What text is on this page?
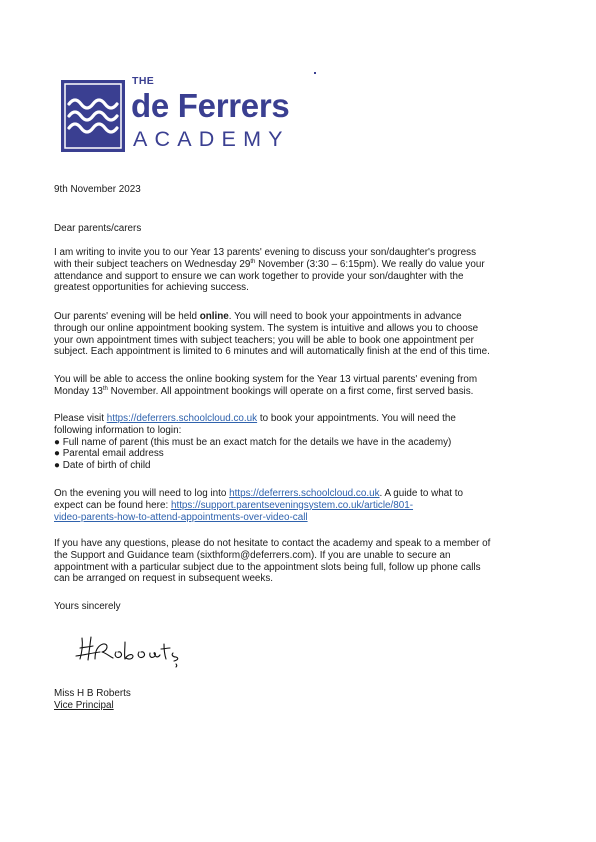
THE
de Ferrers
ACADEMY
9th November 2023
Dear parents/carers
I am writing to invite you to our Year 13 parents' evening to discuss your son/daughter's progress
with their subject teachers on Wednesday 29th November (3:30 – 6:15pm). We really do value your
attendance and support to ensure we can work together to provide your son/daughter with the
greatest opportunities for achieving success.
Our parents' evening will be held online. You will need to book your appointments in advance
through our online appointment booking system. The system is intuitive and allows you to choose
your own appointment times with subject teachers; you will be able to book one appointment per
subject. Each appointment is limited to 6 minutes and will automatically finish at the end of this time.
You will be able to access the online booking system for the Year 13 virtual parents' evening from
Monday 13th November. All appointment bookings will operate on a first come, first served basis.
Please visit https://deferrers.schoolcloud.co.uk to book your appointments. You will need the
following information to login:
● Full name of parent (this must be an exact match for the details we have in the academy)
● Parental email address
● Date of birth of child
On the evening you will need to log into https://deferrers.schoolcloud.co.uk. A guide to what to
expect can be found here: https://support.parentseveningsystem.co.uk/article/801-
video-parents-how-to-attend-appointments-over-video-call
If you have any questions, please do not hesitate to contact the academy and speak to a member of
the Support and Guidance team (sixthform@deferrers.com). If you are unable to secure an
appointment with a particular subject due to the appointment slots being full, follow up phone calls
can be arranged on request in subsequent weeks.
Yours sincerely
Miss H B Roberts
Vice Principal
